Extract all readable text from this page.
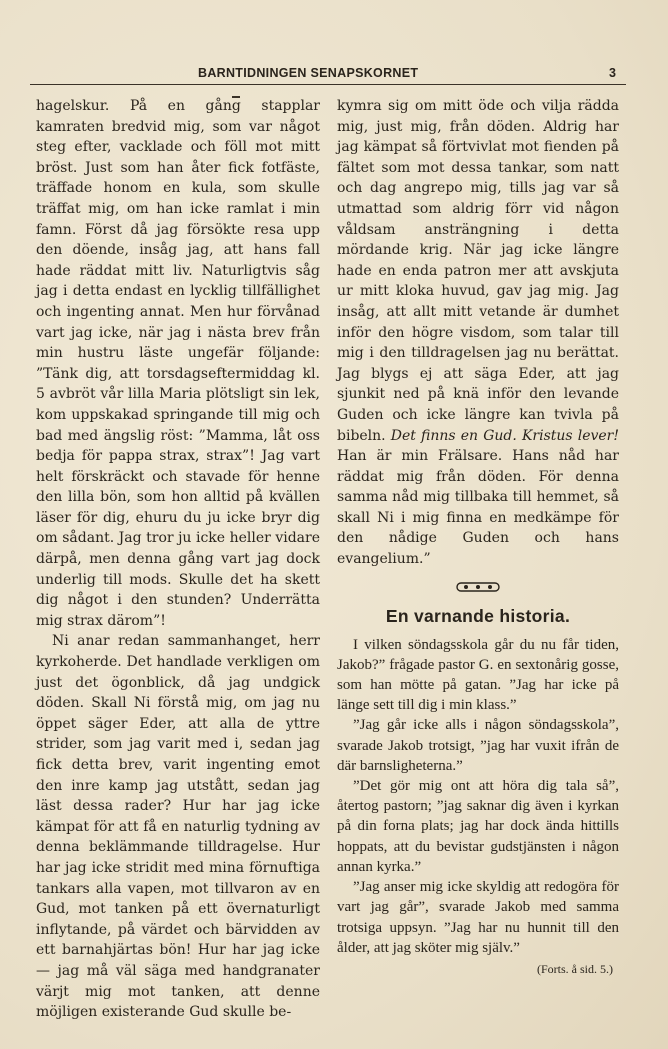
BARNTIDNINGEN SENAPSKORNET	3

hagelskur. På en gång stapplar kamraten bredvid mig, som var något steg efter, vacklade och föll mot mitt bröst. Just som han åter fick fotfäste, träffade honom en kula, som skulle träffat mig, om han icke ramlat i min famn. Först då jag försökte resa upp den döende, insåg jag, att hans fall hade räddat mitt liv. Naturligtvis såg jag i detta endast en lycklig tillfällighet och ingenting annat. Men hur förvånad vart jag icke, när jag i nästa brev från min hustru läste ungefär följande: ”Tänk dig, att torsdagseftermiddag kl. 5 avbröt vår lilla Maria plötsligt sin lek, kom uppskakad springande till mig och bad med ängslig röst: ”Mamma, låt oss bedja för pappa strax, strax”! Jag vart helt förskräckt och stavade för henne den lilla bön, som hon alltid på kvällen läser för dig, ehuru du ju icke bryr dig om sådant. Jag tror ju icke heller vidare därpå, men denna gång vart jag dock underlig till mods. Skulle det ha skett dig något i den stunden? Underrätta mig strax därom”!

Ni anar redan sammanhanget, herr kyrkoherde. Det handlade verkligen om just det ögonblick, då jag undgick döden. Skall Ni förstå mig, om jag nu öppet säger Eder, att alla de yttre strider, som jag varit med i, sedan jag fick detta brev, varit ingenting emot den inre kamp jag utstått, sedan jag läst dessa rader? Hur har jag icke kämpat för att få en naturlig tydning av denna beklämmande tilldragelse. Hur har jag icke stridit med mina förnuftiga tankars alla vapen, mot tillvaron av en Gud, mot tanken på ett övernaturligt inflytande, på värdet och bärvidden av ett barnahjärtas bön! Hur har jag icke — jag må väl säga med handgranater värjt mig mot tanken, att denne möjligen existerande Gud skulle be-

kymra sig om mitt öde och vilja rädda mig, just mig, från döden. Aldrig har jag kämpat så förtvivlat mot fienden på fältet som mot dessa tankar, som natt och dag angrepo mig, tills jag var så utmattad som aldrig förr vid någon våldsam ansträngning i detta mördande krig. När jag icke längre hade en enda patron mer att avskjuta ur mitt kloka huvud, gav jag mig. Jag insåg, att allt mitt vetande är dumhet inför den högre visdom, som talar till mig i den tilldragelsen jag nu berättat. Jag blygs ej att säga Eder, att jag sjunkit ned på knä inför den levande Guden och icke längre kan tvivla på bibeln. Det finns en Gud. Kristus lever! Han är min Frälsare. Hans nåd har räddat mig från döden. För denna samma nåd mig tillbaka till hemmet, så skall Ni i mig finna en medkämpe för den nådige Guden och hans evangelium.”

En varnande historia.

I vilken söndagsskola går du nu får tiden, Jakob?” frågade pastor G. en sextonårig gosse, som han mötte på gatan. ”Jag har icke på länge sett till dig i min klass.”

”Jag går icke alls i någon söndagsskola”, svarade Jakob trotsigt, ”jag har vuxit ifrån de där barnsligheterna.”

”Det gör mig ont att höra dig tala så”, återtog pastorn; ”jag saknar dig även i kyrkan på din forna plats; jag har dock ända hittills hoppats, att du bevistar gudstjänsten i någon annan kyrka.”

”Jag anser mig icke skyldig att redogöra för vart jag går”, svarade Jakob med samma trotsiga uppsyn. ”Jag har nu hunnit till den ålder, att jag sköter mig själv.”

(Forts. å sid. 5.)
